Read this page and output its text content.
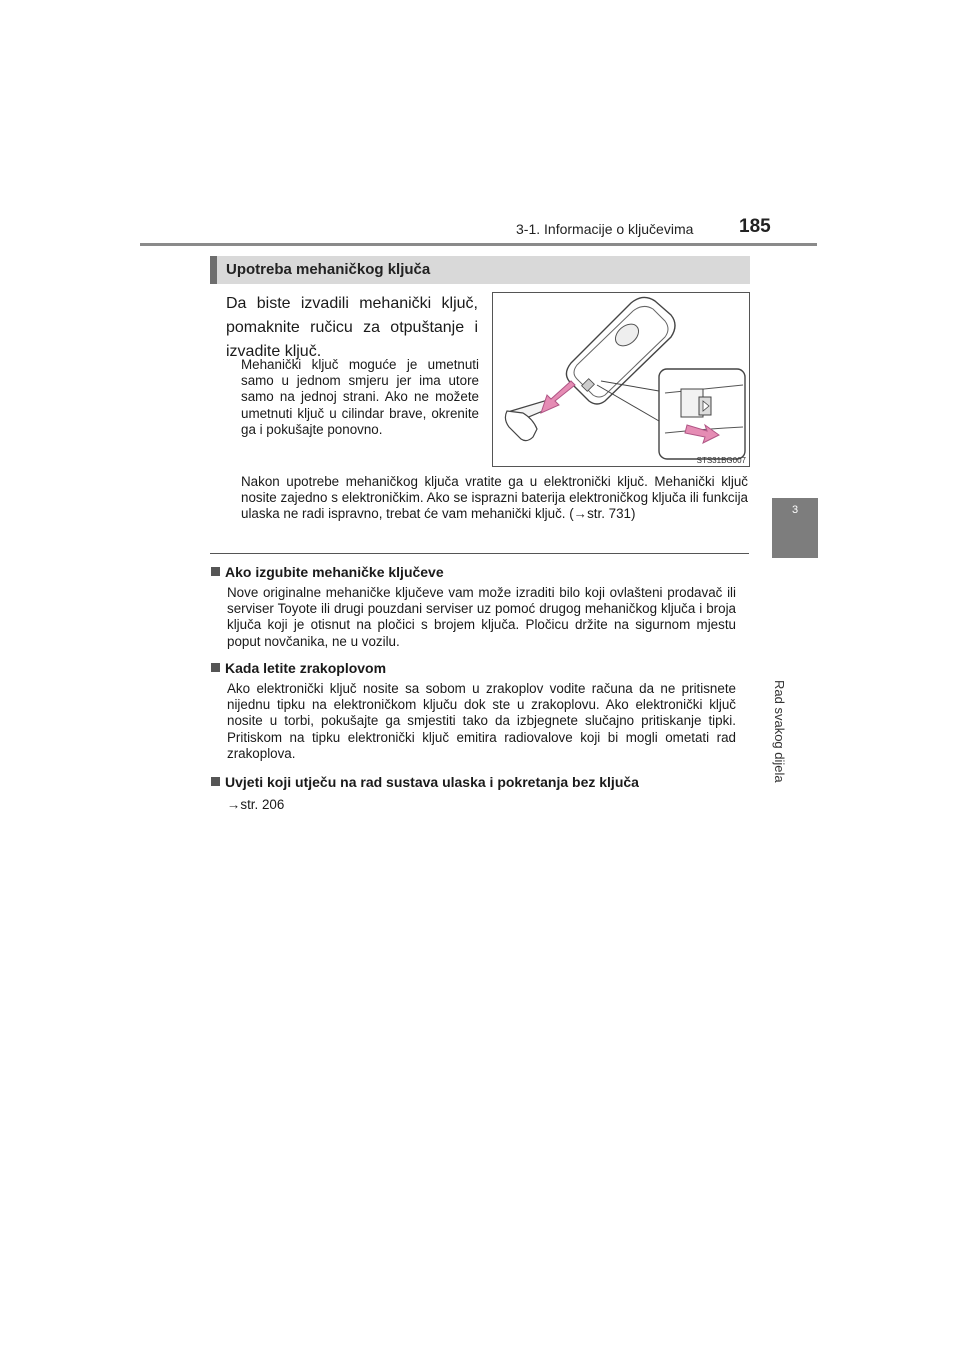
3-1. Informacije o ključevima 185
3
Rad svakog dijela
Upotreba mehaničkog ključa
Da biste izvadili mehanički ključ, pomaknite ručicu za otpuštanje i izvadite ključ.
Mehanički ključ moguće je umetnuti samo u jednom smjeru jer ima utore samo na jednoj strani. Ako ne možete umetnuti ključ u cilindar brave, okrenite ga i pokušajte ponovno.
STS31BG007
Nakon upotrebe mehaničkog ključa vratite ga u elektronički ključ. Mehanički ključ nosite zajedno s elektroničkim. Ako se isprazni baterija elektroničkog ključa ili funkcija ulaska ne radi ispravno, trebat će vam mehanički ključ. (→str. 731)
Ako izgubite mehaničke ključeve
Nove originalne mehaničke ključeve vam može izraditi bilo koji ovlašteni prodavač ili serviser Toyote ili drugi pouzdani serviser uz pomoć drugog mehaničkog ključa i broja ključa koji je otisnut na pločici s brojem ključa. Pločicu držite na sigurnom mjestu poput novčanika, ne u vozilu.
Kada letite zrakoplovom
Ako elektronički ključ nosite sa sobom u zrakoplov vodite računa da ne pritisnete nijednu tipku na elektroničkom ključu dok ste u zrakoplovu. Ako elektronički ključ nosite u torbi, pokušajte ga smjestiti tako da izbjegnete slučajno pritiskanje tipki. Pritiskom na tipku elektronički ključ emitira radiovalove koji bi mogli ometati rad zrakoplova.
Uvjeti koji utječu na rad sustava ulaska i pokretanja bez ključa
→str. 206
